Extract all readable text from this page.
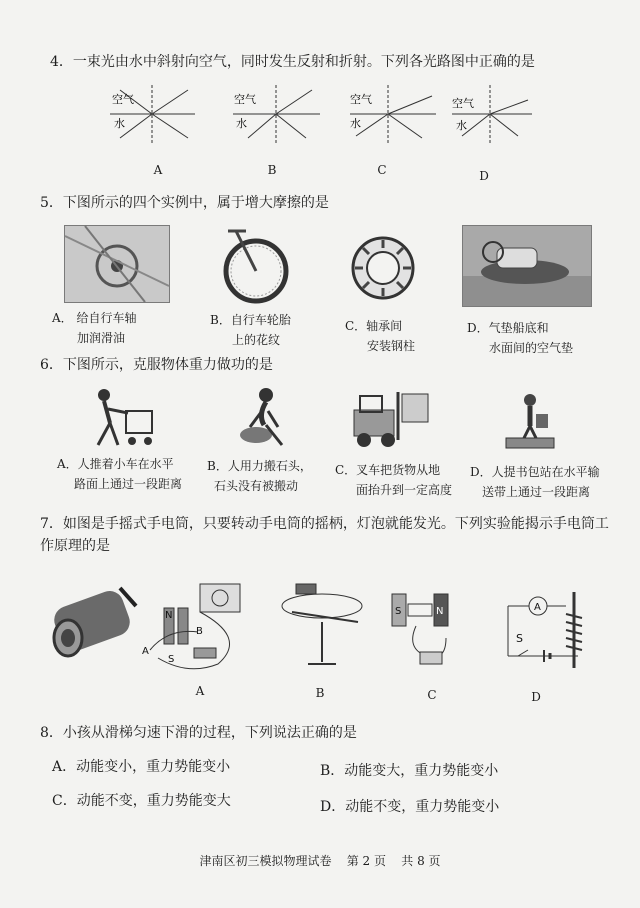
4．一束光由水中斜射向空气，同时发生反射和折射。下列各光路图中正确的是
空气
水
空气
水
空气
水
空气
水
A	B	C	D
5．下图所示的四个实例中，属于增大摩擦的是
A． 给自行车轴
加润滑油
B．自行车轮胎
上的花纹
C．轴承间
安装钢柱
D．气垫船底和
水面间的空气垫
6．下图所示，克服物体重力做功的是
A．人推着小车在水平
路面上通过一段距离
B．人用力搬石头，
石头没有被搬动
C．叉车把货物从地
面抬升到一定高度
D．人提书包站在水平输
送带上通过一段距离
7．如图是手摇式手电筒，只要转动手电筒的摇柄，灯泡就能发光。下列实验能揭示手电筒工作原理的是
N
S
B
A
S	N	A
S
A	B	C	D
8．小孩从滑梯匀速下滑的过程，下列说法正确的是
A．动能变小，重力势能变小	B．动能变大，重力势能变小
C．动能不变，重力势能变大	D．动能不变，重力势能变小
津南区初三模拟物理试卷    第 2 页    共 8 页
